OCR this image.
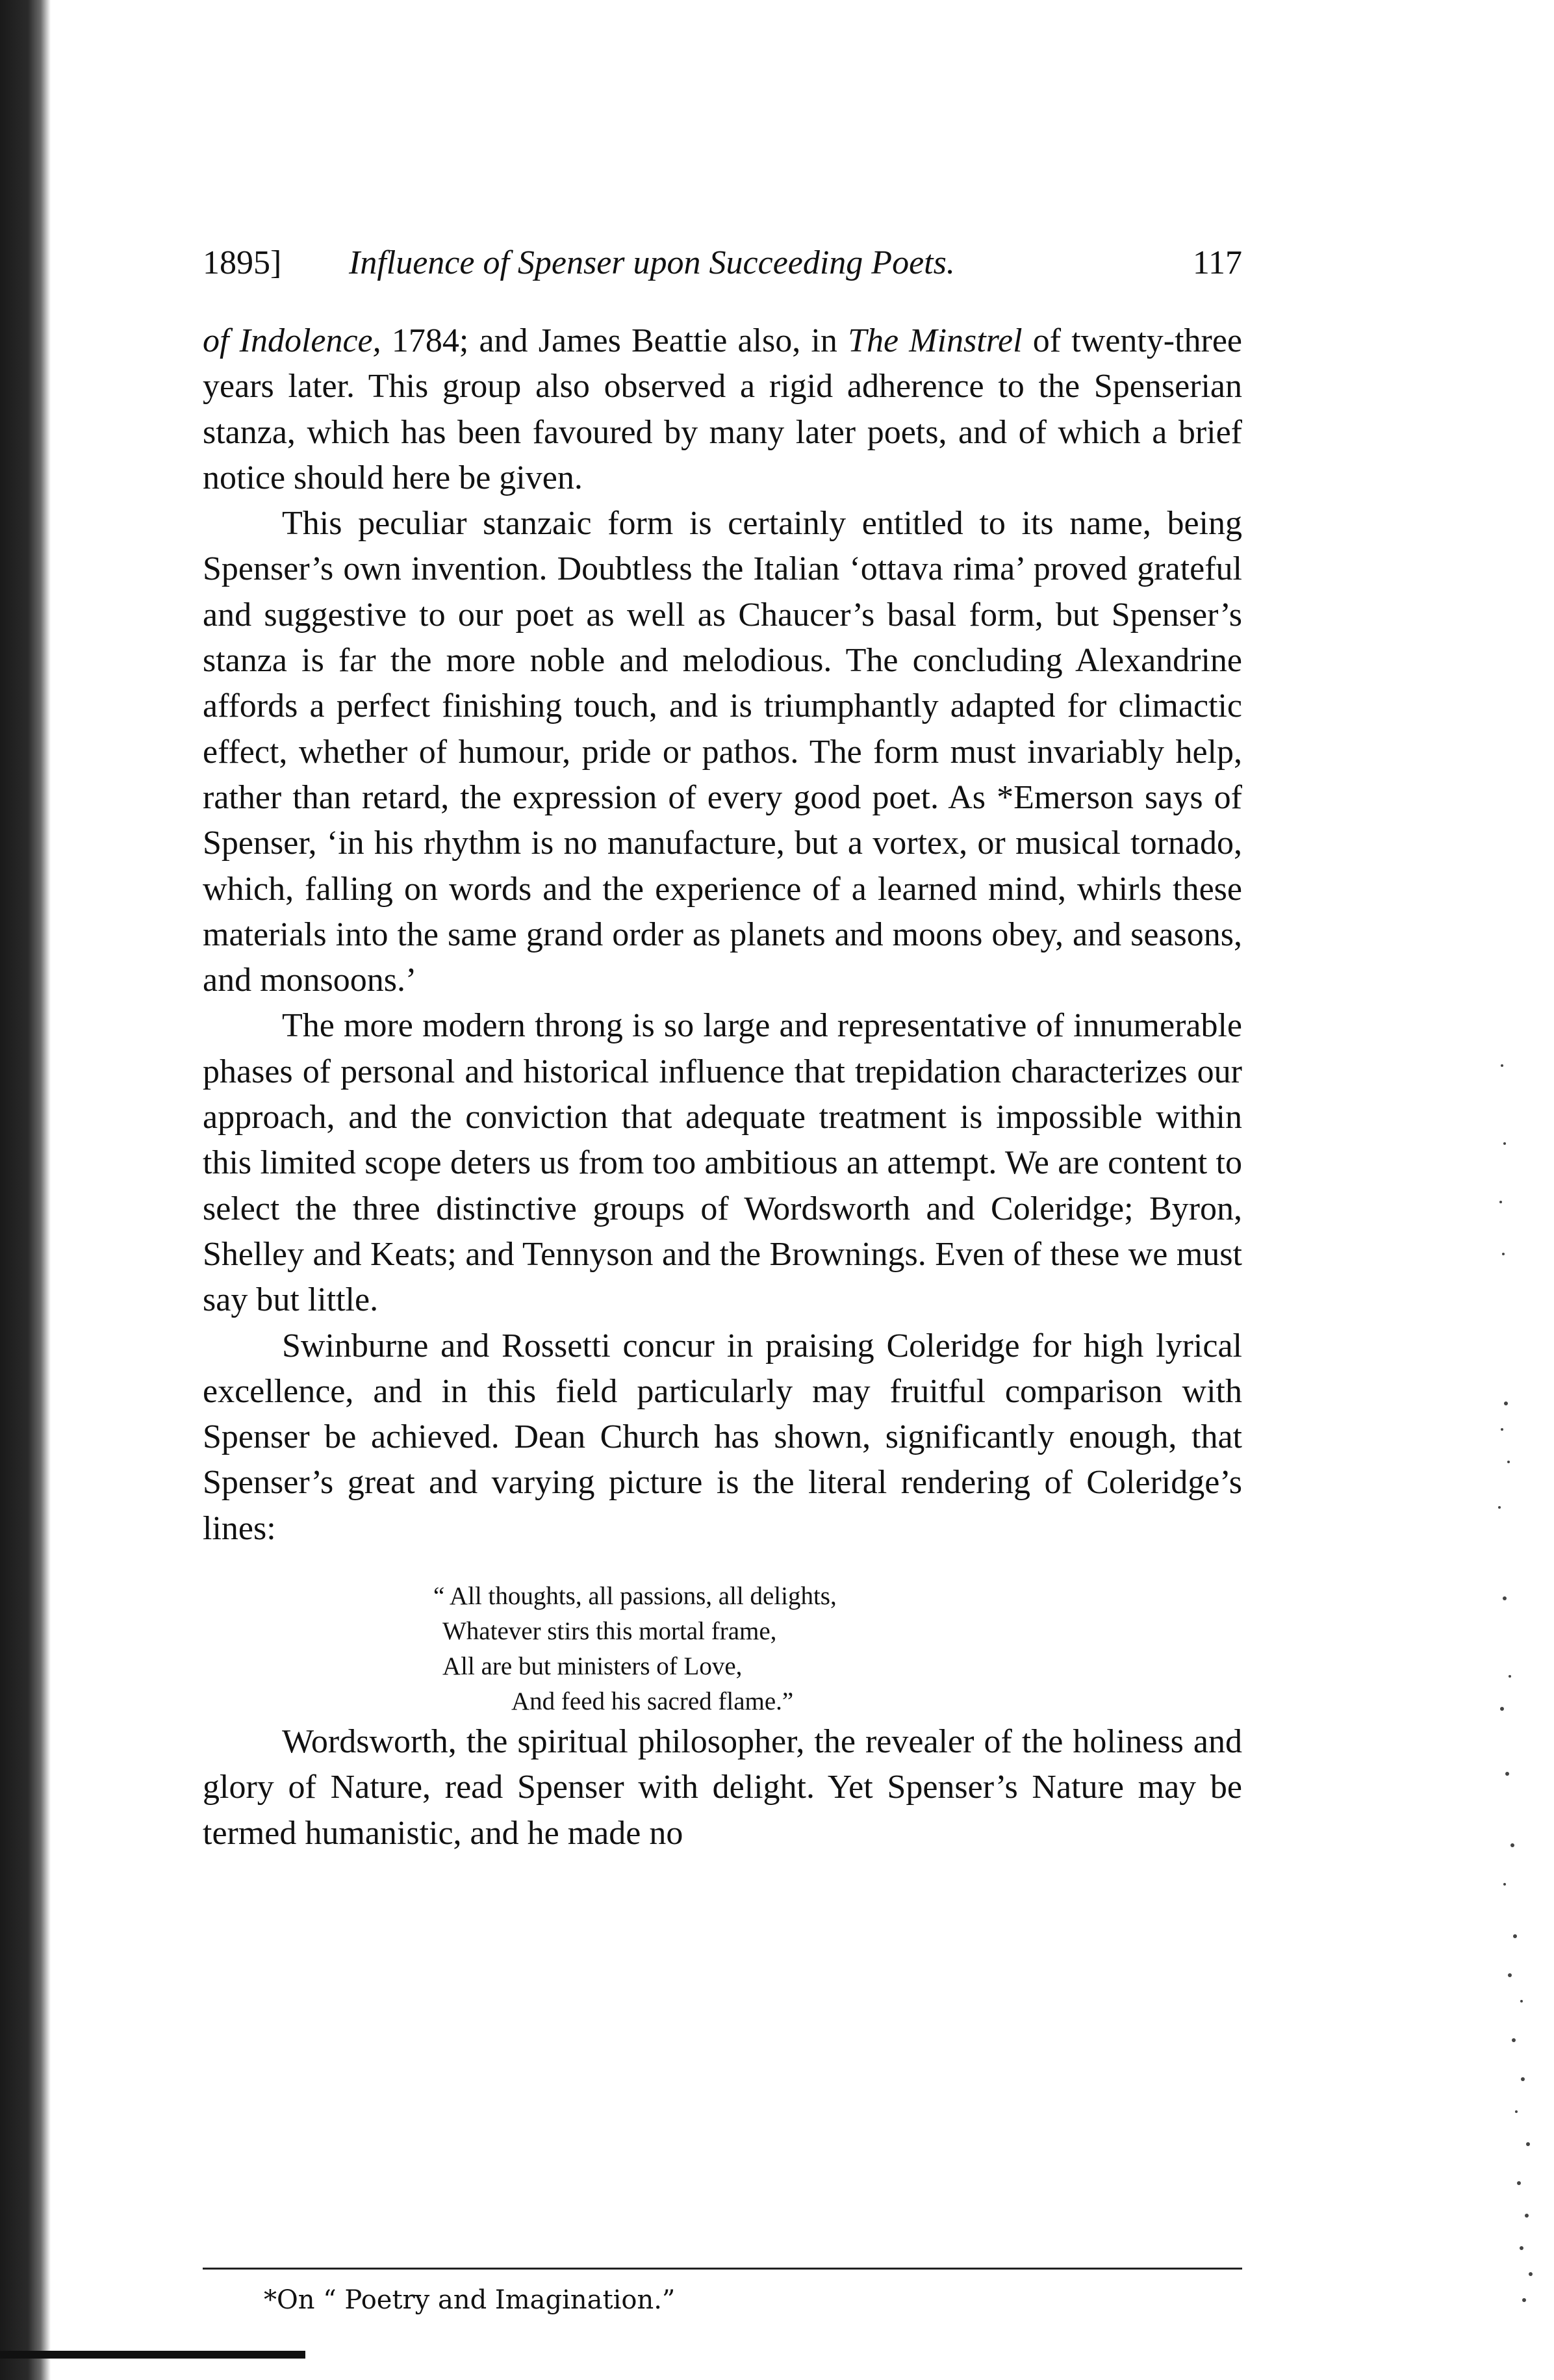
1895] Influence of Spenser upon Succeeding Poets.	117

of Indolence, 1784; and James Beattie also, in The Minstrel of twenty-three years later. This group also observed a rigid adherence to the Spenserian stanza, which has been favoured by many later poets, and of which a brief notice should here be given.

This peculiar stanzaic form is certainly entitled to its name, being Spenser’s own invention. Doubtless the Italian ‘ottava rima’ proved grateful and suggestive to our poet as well as Chaucer’s basal form, but Spenser’s stanza is far the more noble and melodious. The concluding Alexandrine affords a perfect finishing touch, and is triumphantly adapted for climactic effect, whether of humour, pride or pathos. The form must invariably help, rather than retard, the expression of every good poet. As *Emerson says of Spenser, ‘in his rhythm is no manufacture, but a vortex, or musical tornado, which, falling on words and the experience of a learned mind, whirls these materials into the same grand order as planets and moons obey, and seasons, and monsoons.’

The more modern throng is so large and representative of innumerable phases of personal and historical influence that trepidation characterizes our approach, and the conviction that adequate treatment is impossible within this limited scope deters us from too ambitious an attempt. We are content to select the three distinctive groups of Wordsworth and Coleridge; Byron, Shelley and Keats; and Tennyson and the Brownings. Even of these we must say but little.

Swinburne and Rossetti concur in praising Coleridge for high lyrical excellence, and in this field particularly may fruitful comparison with Spenser be achieved. Dean Church has shown, significantly enough, that Spenser’s great and varying picture is the literal rendering of Coleridge’s lines:

“ All thoughts, all passions, all delights,
Whatever stirs this mortal frame,
All are but ministers of Love,
And feed his sacred flame.”

Wordsworth, the spiritual philosopher, the revealer of the holiness and glory of Nature, read Spenser with delight. Yet Spenser’s Nature may be termed humanistic, and he made no

*On “ Poetry and Imagination.”
